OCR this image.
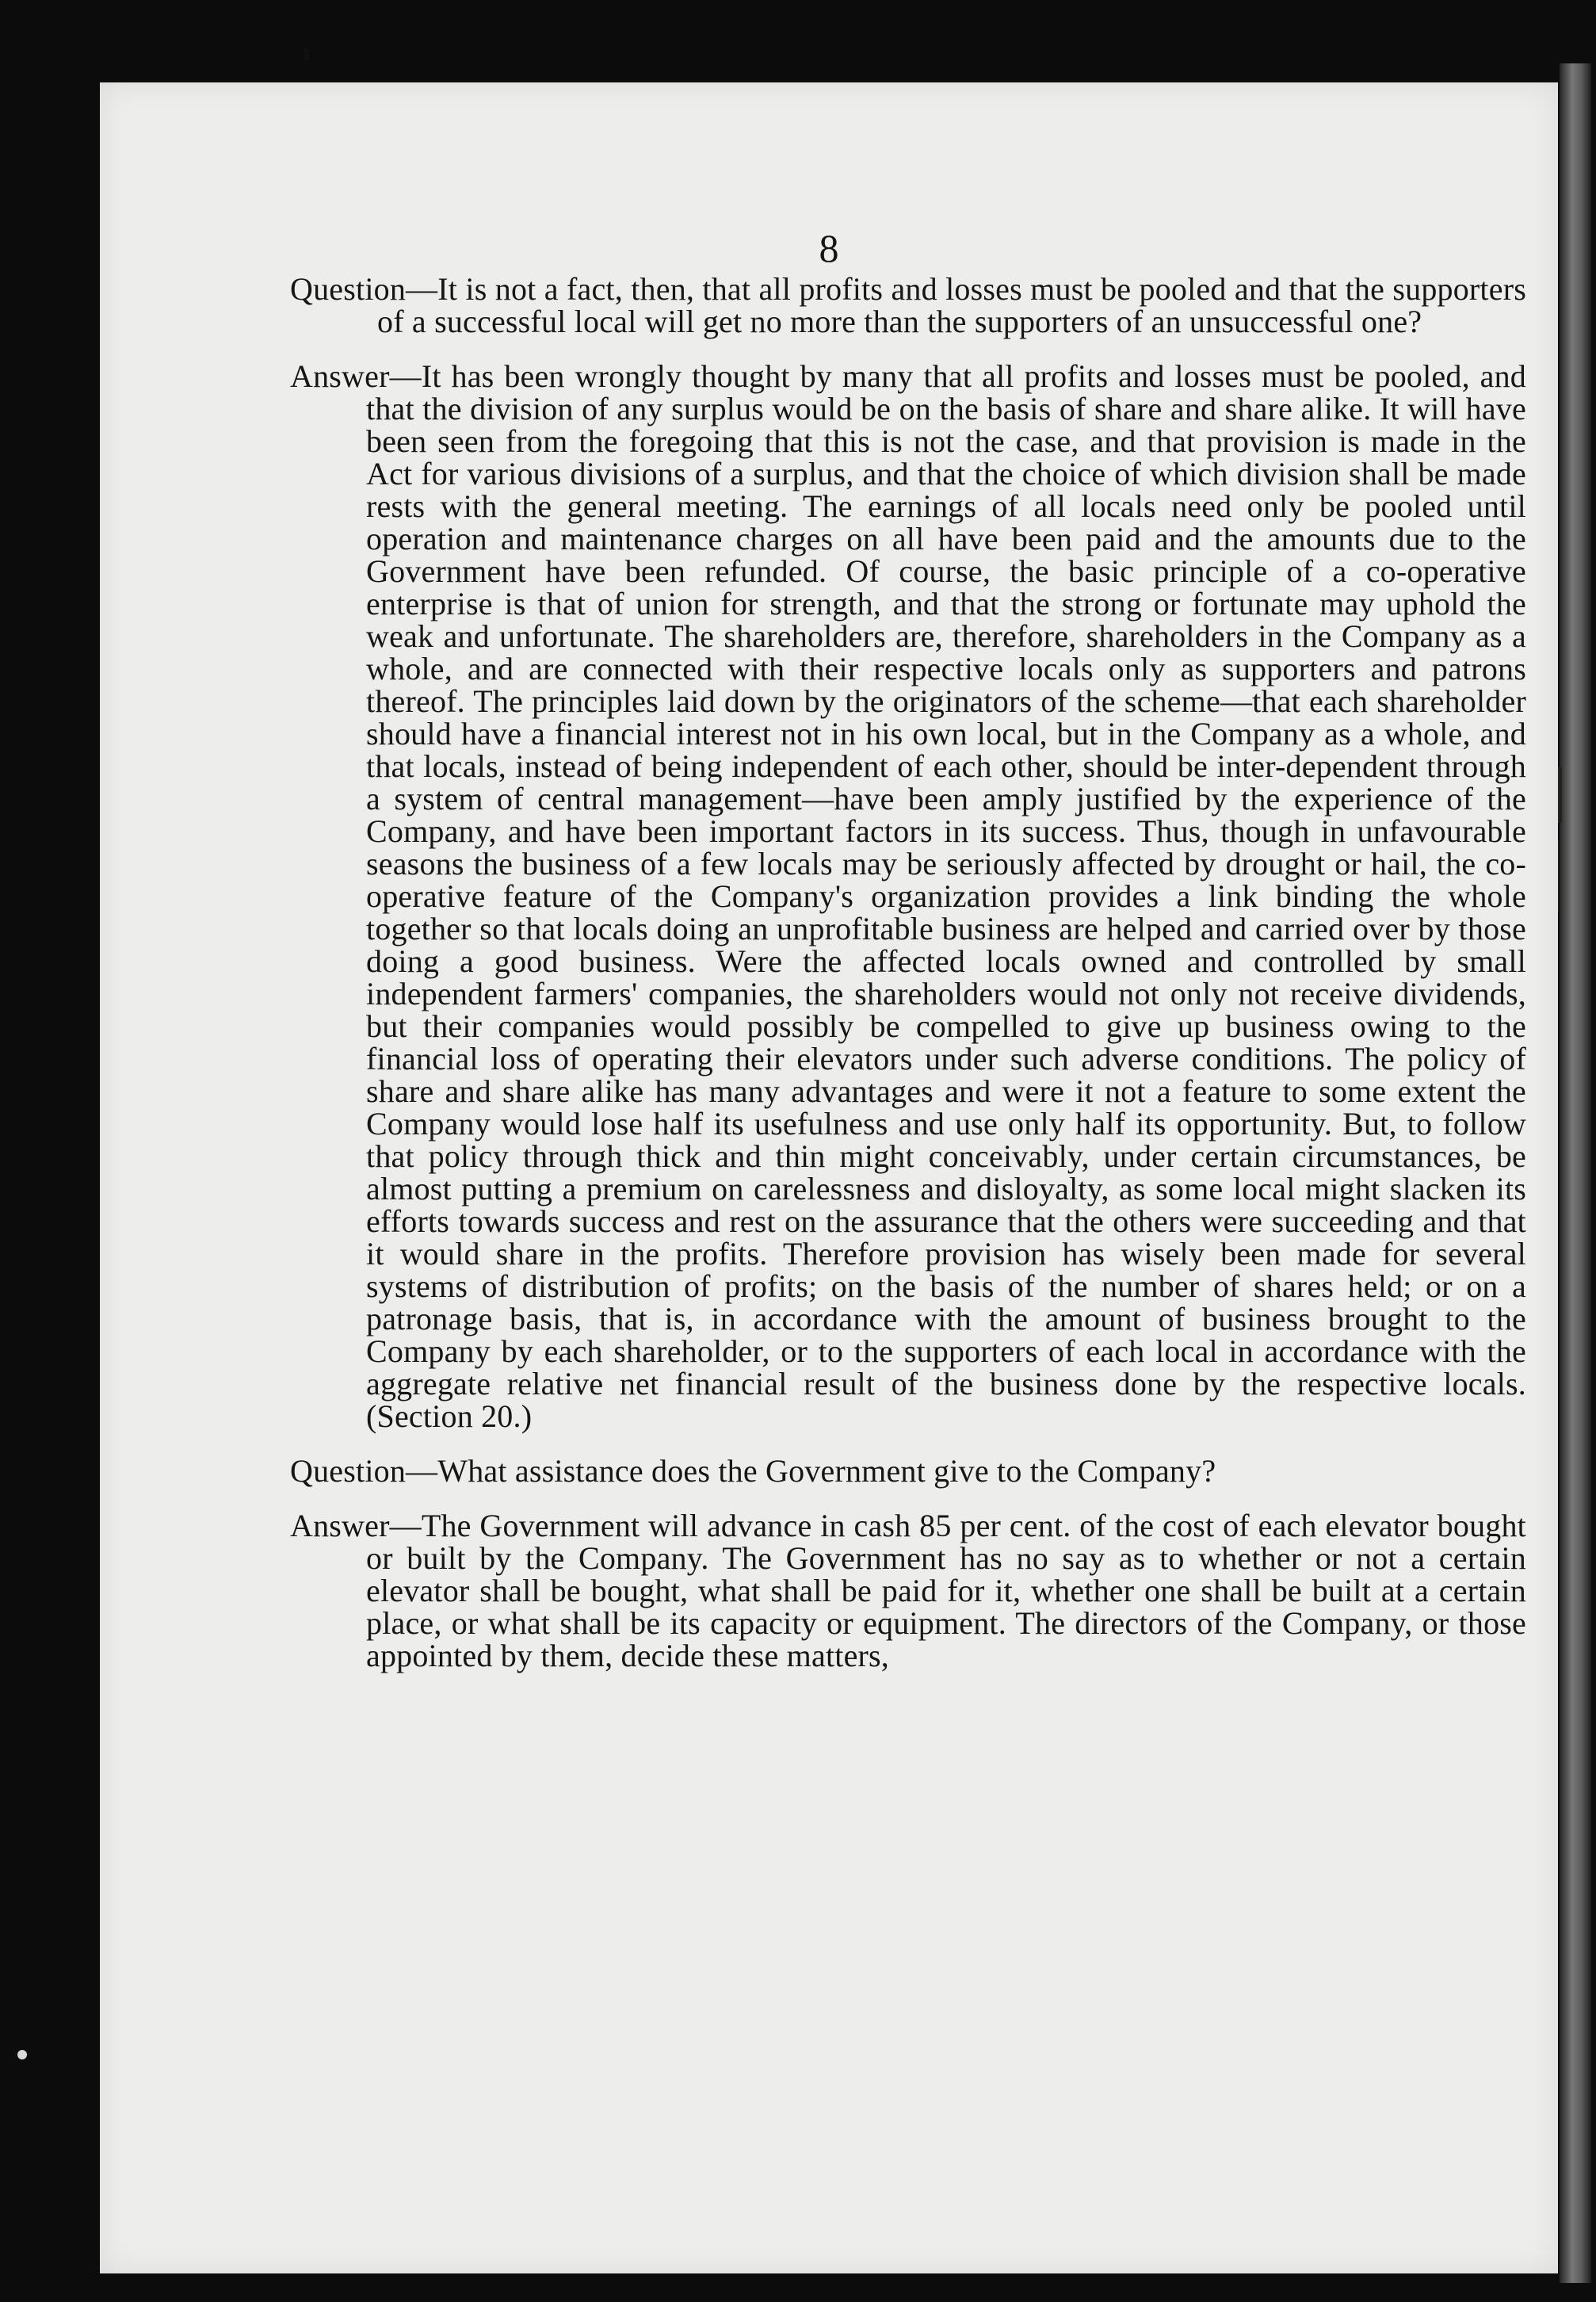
8

Question—It is not a fact, then, that all profits and losses must be pooled and that the supporters of a successful local will get no more than the supporters of an unsuccessful one?

Answer—It has been wrongly thought by many that all profits and losses must be pooled, and that the division of any surplus would be on the basis of share and share alike. It will have been seen from the foregoing that this is not the case, and that provision is made in the Act for various divisions of a surplus, and that the choice of which division shall be made rests with the general meeting. The earnings of all locals need only be pooled until operation and maintenance charges on all have been paid and the amounts due to the Government have been refunded. Of course, the basic principle of a co-operative enterprise is that of union for strength, and that the strong or fortunate may uphold the weak and unfortunate. The shareholders are, therefore, shareholders in the Company as a whole, and are connected with their respective locals only as supporters and patrons thereof. The principles laid down by the originators of the scheme—that each shareholder should have a financial interest not in his own local, but in the Company as a whole, and that locals, instead of being independent of each other, should be inter-dependent through a system of central management—have been amply justified by the experience of the Company, and have been important factors in its success. Thus, though in unfavourable seasons the business of a few locals may be seriously affected by drought or hail, the co-operative feature of the Company's organization provides a link binding the whole together so that locals doing an unprofitable business are helped and carried over by those doing a good business. Were the affected locals owned and controlled by small independent farmers' companies, the shareholders would not only not receive dividends, but their companies would possibly be compelled to give up business owing to the financial loss of operating their elevators under such adverse conditions. The policy of share and share alike has many advantages and were it not a feature to some extent the Company would lose half its usefulness and use only half its opportunity. But, to follow that policy through thick and thin might conceivably, under certain circumstances, be almost putting a premium on carelessness and disloyalty, as some local might slacken its efforts towards success and rest on the assurance that the others were succeeding and that it would share in the profits. Therefore provision has wisely been made for several systems of distribution of profits; on the basis of the number of shares held; or on a patronage basis, that is, in accordance with the amount of business brought to the Company by each shareholder, or to the supporters of each local in accordance with the aggregate relative net financial result of the business done by the respective locals. (Section 20.)

Question—What assistance does the Government give to the Company?

Answer—The Government will advance in cash 85 per cent. of the cost of each elevator bought or built by the Company. The Government has no say as to whether or not a certain elevator shall be bought, what shall be paid for it, whether one shall be built at a certain place, or what shall be its capacity or equipment. The directors of the Company, or those appointed by them, decide these matters,
